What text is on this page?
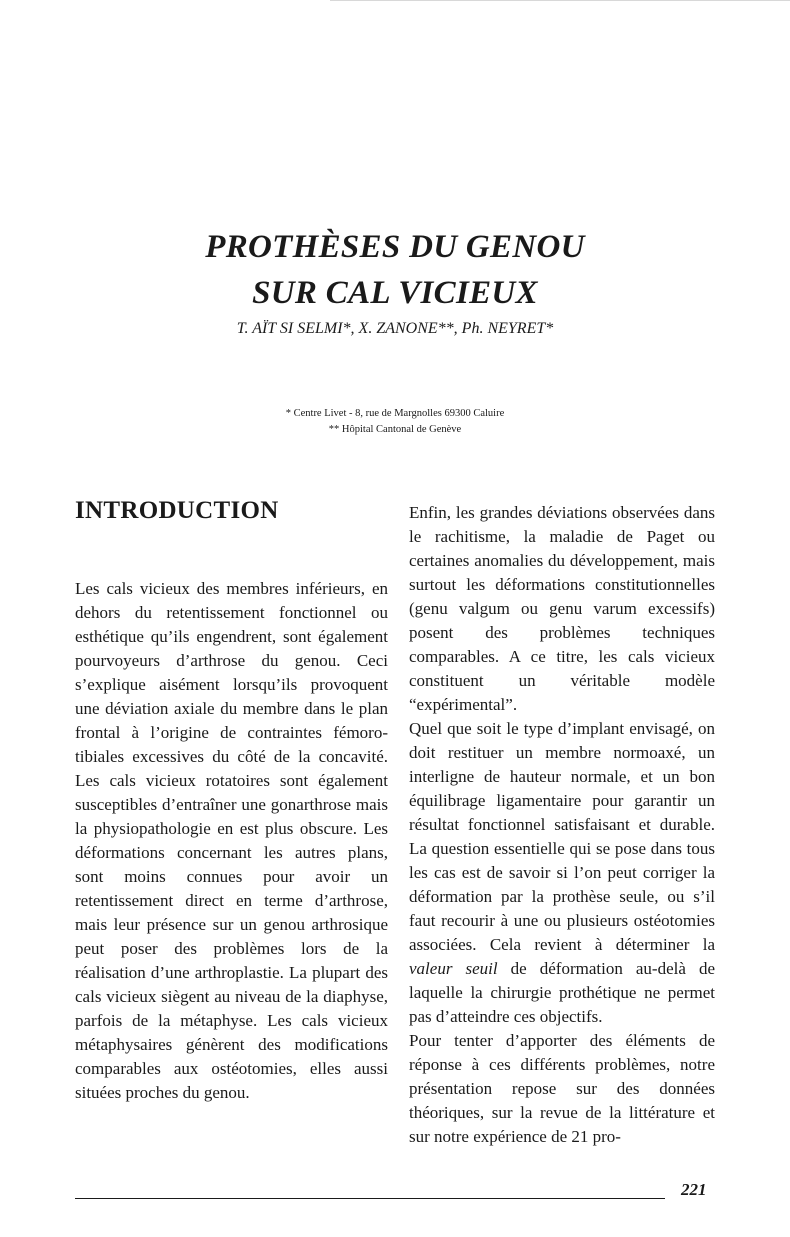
PROTHÈSES DU GENOU
SUR CAL VICIEUX

T. AÏT SI SELMI*, X. ZANONE**, Ph. NEYRET*

* Centre Livet - 8, rue de Margnolles 69300 Caluire
** Hôpital Cantonal de Genève
INTRODUCTION

Les cals vicieux des membres inférieurs, en dehors du retentissement fonctionnel ou esthétique qu’ils engendrent, sont également pourvoyeurs d’arthrose du genou. Ceci s’explique aisément lorsqu’ils provoquent une déviation axiale du membre dans le plan frontal à l’origine de contraintes fémoro-tibiales excessives du côté de la concavité. Les cals vicieux rotatoires sont également susceptibles d’entraîner une gonarthrose mais la physiopathologie en est plus obscure. Les déformations concernant les autres plans, sont moins connues pour avoir un retentissement direct en terme d’arthrose, mais leur présence sur un genou arthrosique peut poser des problèmes lors de la réalisation d’une arthroplastie. La plupart des cals vicieux siègent au niveau de la diaphyse, parfois de la métaphyse. Les cals vicieux métaphysaires génèrent des modifications comparables aux ostéotomies, elles aussi situées proches du genou.

Enfin, les grandes déviations observées dans le rachitisme, la maladie de Paget ou certaines anomalies du développement, mais surtout les déformations constitutionnelles (genu valgum ou genu varum excessifs) posent des problèmes techniques comparables. A ce titre, les cals vicieux constituent un véritable modèle “expérimental”.

Quel que soit le type d’implant envisagé, on doit restituer un membre normoaxé, un interligne de hauteur normale, et un bon équilibrage ligamentaire pour garantir un résultat fonctionnel satisfaisant et durable. La question essentielle qui se pose dans tous les cas est de savoir si l’on peut corriger la déformation par la prothèse seule, ou s’il faut recourir à une ou plusieurs ostéotomies associées. Cela revient à déterminer la valeur seuil de déformation au-delà de laquelle la chirurgie prothétique ne permet pas d’atteindre ces objectifs.

Pour tenter d’apporter des éléments de réponse à ces différents problèmes, notre présentation repose sur des données théoriques, sur la revue de la littérature et sur notre expérience de 21 pro-

221
